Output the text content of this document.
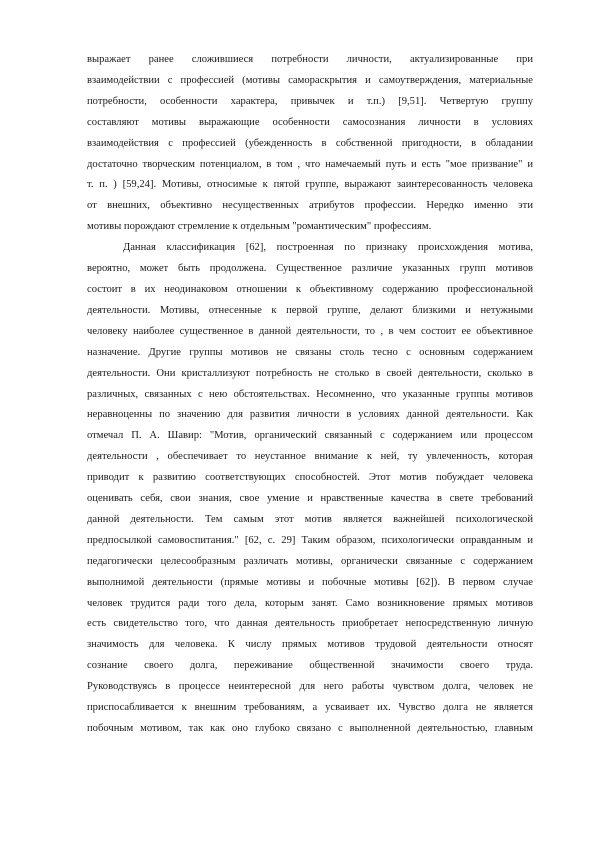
выражает ранее сложившиеся потребности личности, актуализированные при
взаимодействии с профессией (мотивы самораскрытия и самоутверждения, материальные
потребности, особенности характера, привычек и т.п.) [9,51]. Четвертую группу
составляют мотивы выражающие особенности самосознания личности в условиях
взаимодействия с профессией (убежденность в собственной пригодности, в обладании
достаточно творческим потенциалом, в том , что намечаемый путь и есть "мое призвание" и
т. п. ) [59,24]. Мотивы, относимые к пятой группе, выражают заинтересованность человека
от внешних, объективно несущественных атрибутов профессии. Нередко именно эти
мотивы порождают стремление к отдельным "романтическим" профессиям.
Данная классификация [62], построенная по признаку происхождения мотива,
вероятно, может быть продолжена. Существенное различие указанных групп мотивов
состоит в их неодинаковом отношении к объективному содержанию профессиональной
деятельности. Мотивы, отнесенные к первой группе, делают близкими и нетужными
человеку наиболее существенное в данной деятельности, то , в чем состоит ее объективное
назначение. Другие группы мотивов не связаны столь тесно с основным содержанием
деятельности. Они кристаллизуют потребность не столько в своей деятельности, сколько в
различных, связанных с нею обстоятельствах. Несомненно, что указанные группы мотивов
неравноценны по значению для развития личности в условиях данной деятельности. Как
отмечал П. А. Шавир: "Мотив, органический связанный с содержанием или процессом
деятельности , обеспечивает то неустанное внимание к ней, ту увлеченность, которая
приводит к развитию соответствующих способностей. Этот мотив побуждает человека
оценивать себя, свои знания, свое умение и нравственные качества в свете требований
данной деятельности. Тем самым этот мотив является важнейшей психологической
предпосылкой самовоспитания." [62, с. 29] Таким образом, психологически оправданным и
педагогически целесообразным различать мотивы, органически связанные с содержанием
выполнимой деятельности (прямые мотивы и побочные мотивы [62]). В первом случае
человек трудится ради того дела, которым занят. Само возникновение прямых мотивов
есть свидетельство того, что данная деятельность приобретает непосредственную личную
значимость для человека. К числу прямых мотивов трудовой деятельности относят
сознание своего долга, переживание общественной значимости своего труда.
Руководствуясь в процессе неинтересной для него работы чувством долга, человек не
приспосабливается к внешним требованиям, а усваивает их. Чувство долга не является
побочным мотивом, так как оно глубоко связано с выполненной деятельностью, главным
